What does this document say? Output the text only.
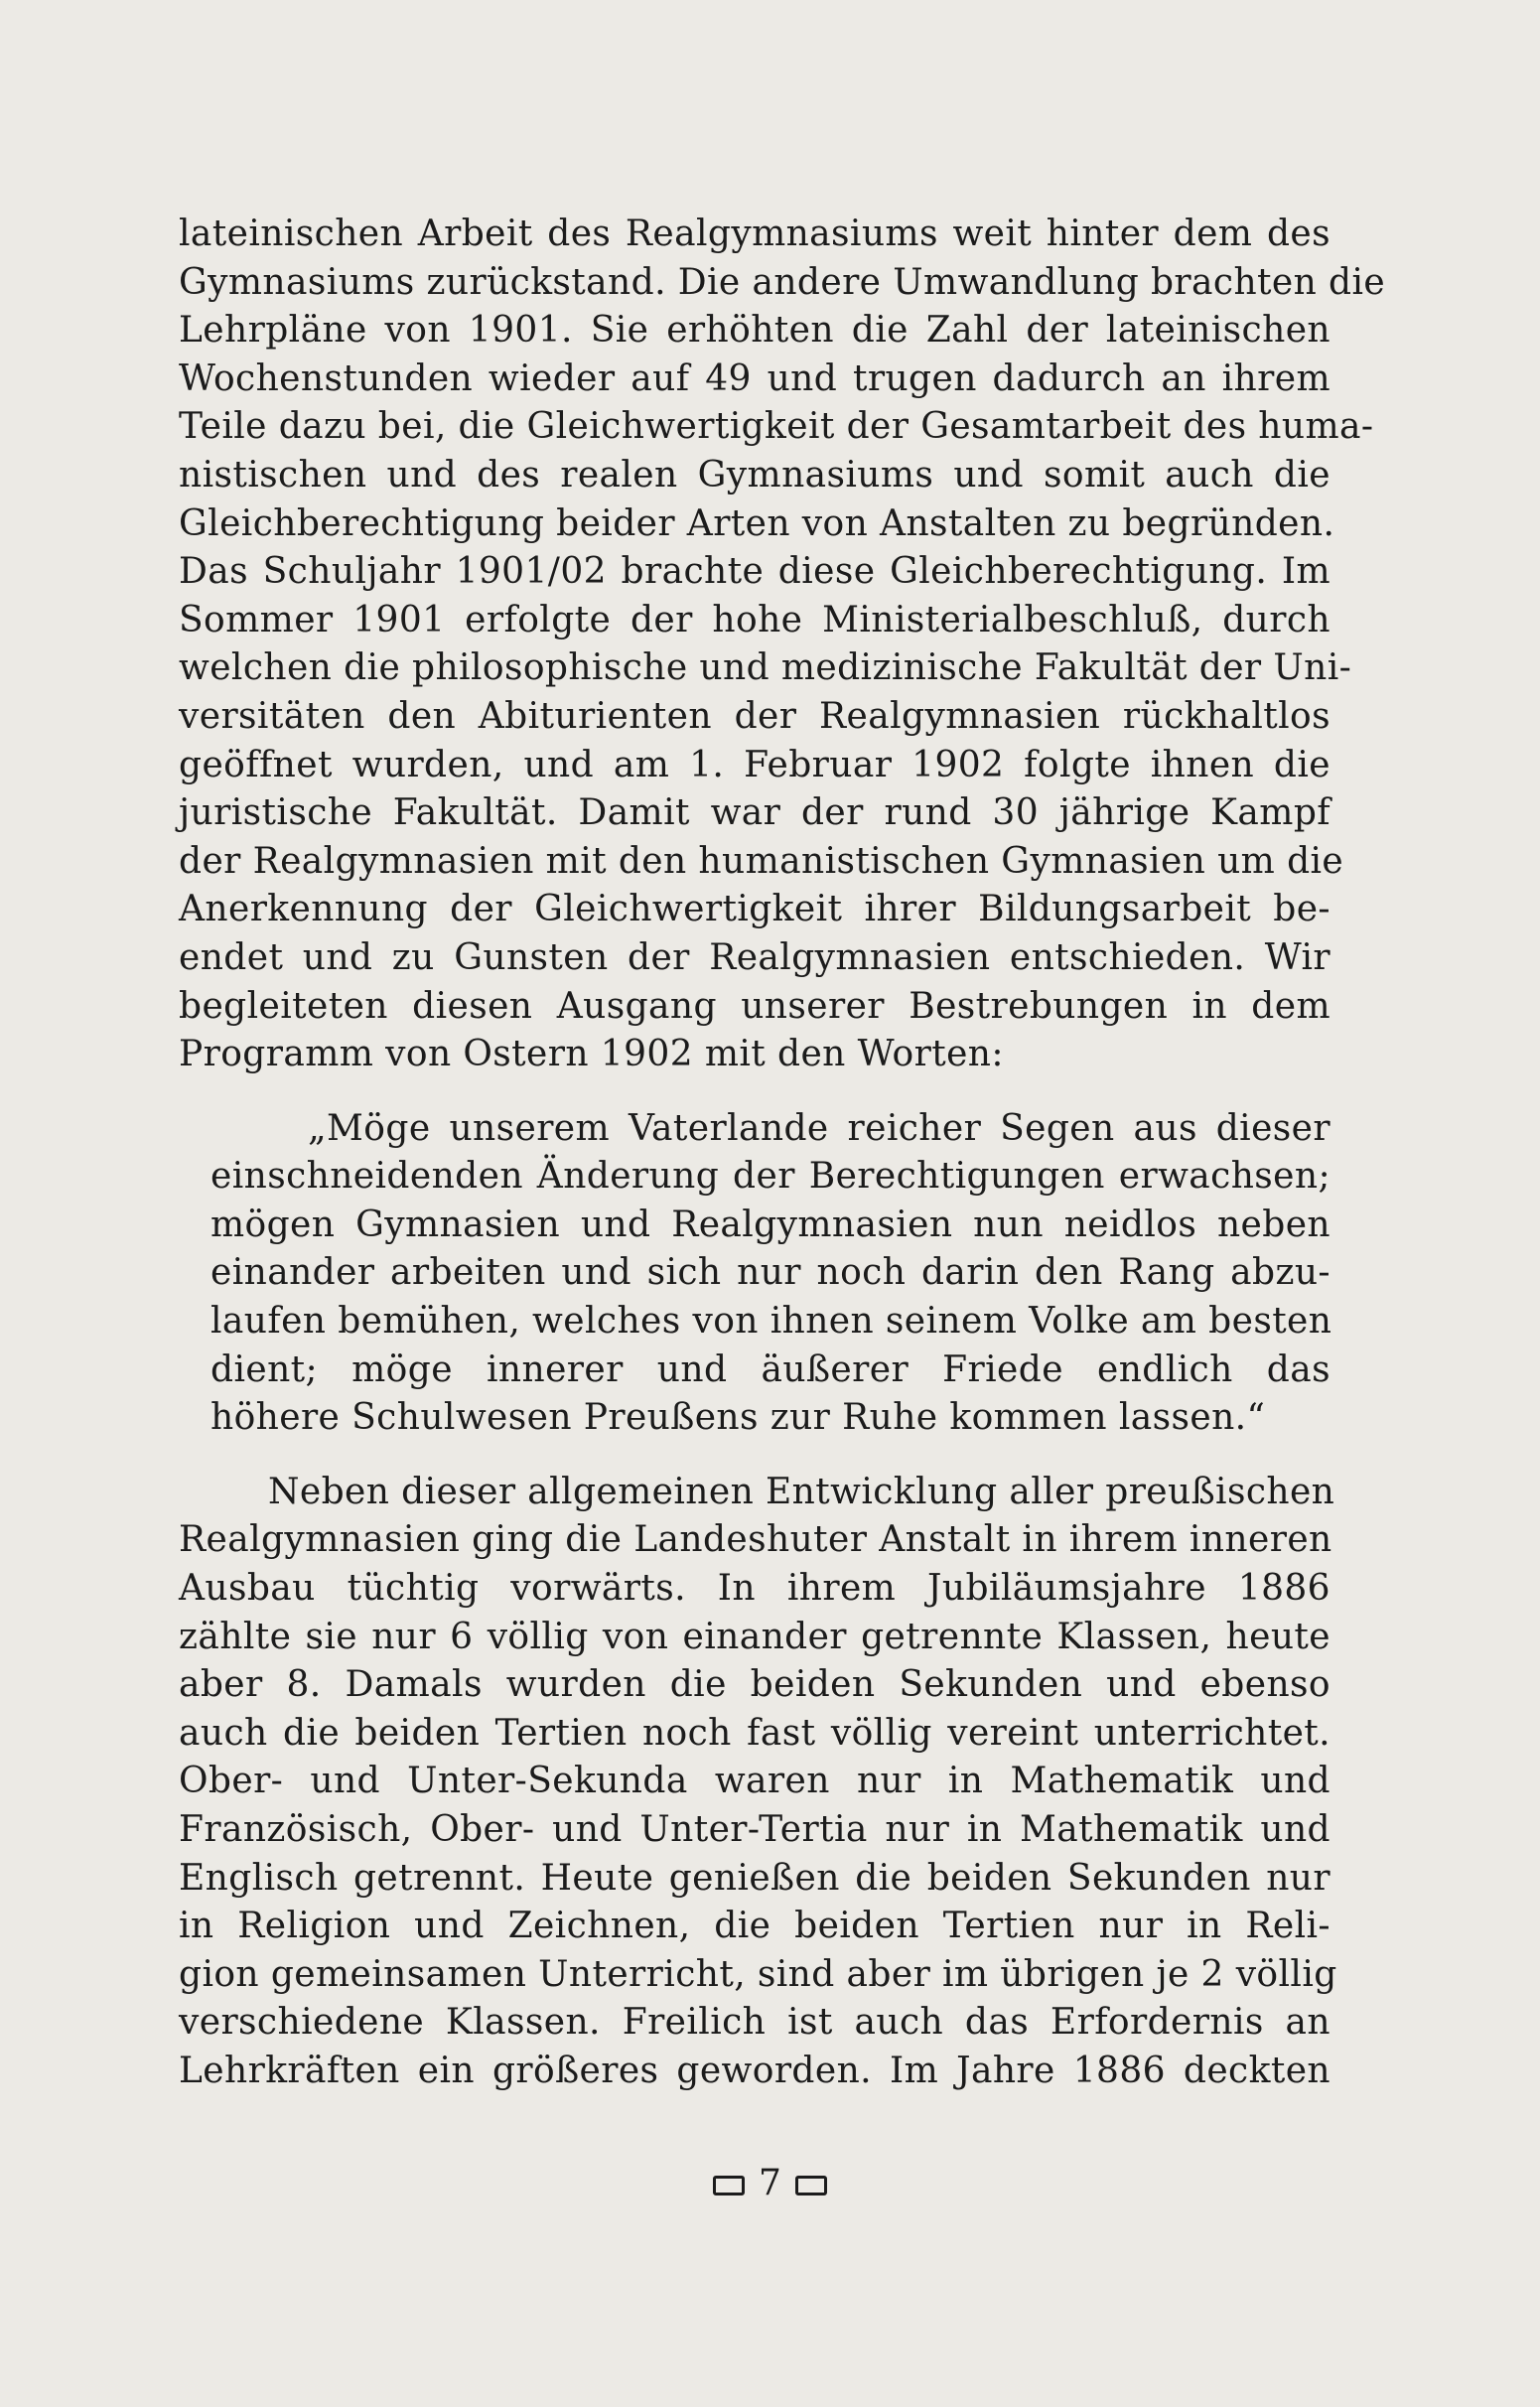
lateinischen Arbeit des Realgymnasiums weit hinter dem des
Gymnasiums zurückstand. Die andere Umwandlung brachten die
Lehrpläne von 1901. Sie erhöhten die Zahl der lateinischen
Wochenstunden wieder auf 49 und trugen dadurch an ihrem
Teile dazu bei, die Gleichwertigkeit der Gesamtarbeit des huma-
nistischen und des realen Gymnasiums und somit auch die
Gleichberechtigung beider Arten von Anstalten zu begründen.
Das Schuljahr 1901/02 brachte diese Gleichberechtigung. Im
Sommer 1901 erfolgte der hohe Ministerialbeschluß, durch
welchen die philosophische und medizinische Fakultät der Uni-
versitäten den Abiturienten der Realgymnasien rückhaltlos
geöffnet wurden, und am 1. Februar 1902 folgte ihnen die
juristische Fakultät. Damit war der rund 30 jährige Kampf
der Realgymnasien mit den humanistischen Gymnasien um die
Anerkennung der Gleichwertigkeit ihrer Bildungsarbeit be-
endet und zu Gunsten der Realgymnasien entschieden. Wir
begleiteten diesen Ausgang unserer Bestrebungen in dem
Programm von Ostern 1902 mit den Worten:
„Möge unserem Vaterlande reicher Segen aus dieser
einschneidenden Änderung der Berechtigungen erwachsen;
mögen Gymnasien und Realgymnasien nun neidlos neben
einander arbeiten und sich nur noch darin den Rang abzu-
laufen bemühen, welches von ihnen seinem Volke am besten
dient; möge innerer und äußerer Friede endlich das
höhere Schulwesen Preußens zur Ruhe kommen lassen.“
Neben dieser allgemeinen Entwicklung aller preußischen
Realgymnasien ging die Landeshuter Anstalt in ihrem inneren
Ausbau tüchtig vorwärts. In ihrem Jubiläumsjahre 1886
zählte sie nur 6 völlig von einander getrennte Klassen, heute
aber 8. Damals wurden die beiden Sekunden und ebenso
auch die beiden Tertien noch fast völlig vereint unterrichtet.
Ober- und Unter-Sekunda waren nur in Mathematik und
Französisch, Ober- und Unter-Tertia nur in Mathematik und
Englisch getrennt. Heute genießen die beiden Sekunden nur
in Religion und Zeichnen, die beiden Tertien nur in Reli-
gion gemeinsamen Unterricht, sind aber im übrigen je 2 völlig
verschiedene Klassen. Freilich ist auch das Erfordernis an
Lehrkräften ein größeres geworden. Im Jahre 1886 deckten
7
